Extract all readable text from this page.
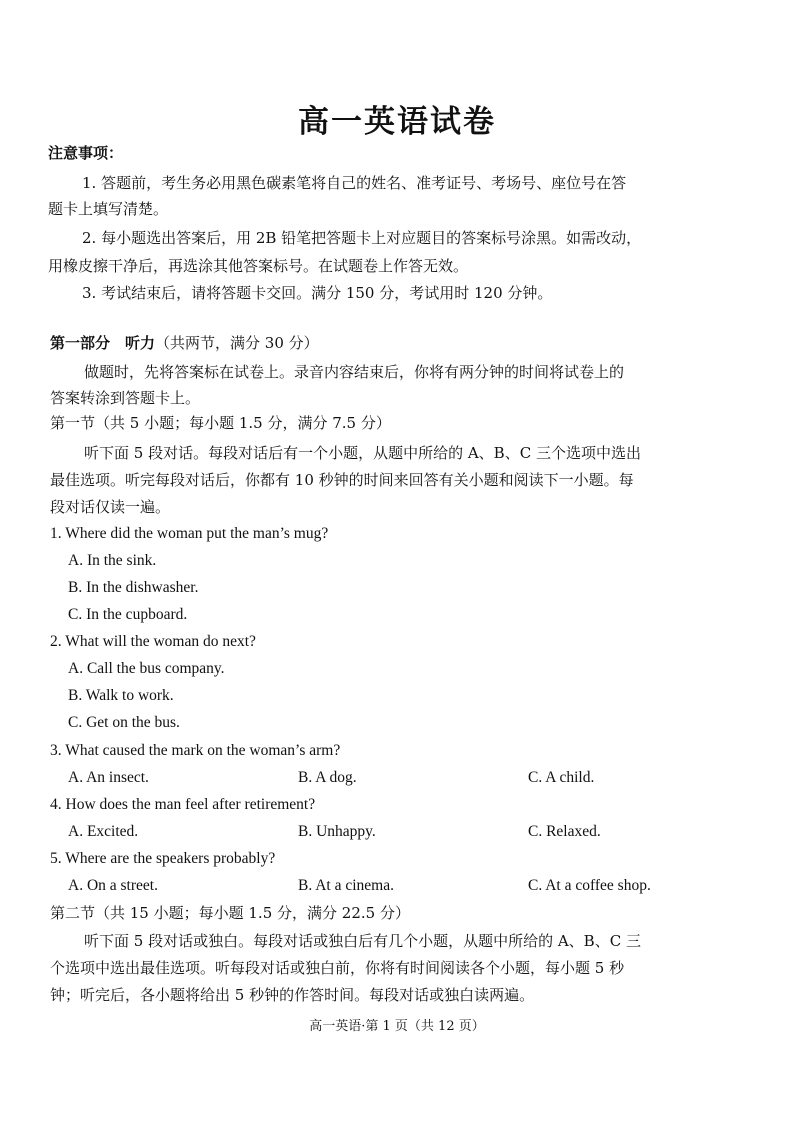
高一英语试卷
注意事项：
1. 答题前，考生务必用黑色碳素笔将自己的姓名、准考证号、考场号、座位号在答
题卡上填写清楚。
2. 每小题选出答案后，用 2B 铅笔把答题卡上对应题目的答案标号涂黑。如需改动，
用橡皮擦干净后，再选涂其他答案标号。在试题卷上作答无效。
3. 考试结束后，请将答题卡交回。满分 150 分，考试用时 120 分钟。
第一部分　听力（共两节，满分 30 分）
做题时，先将答案标在试卷上。录音内容结束后，你将有两分钟的时间将试卷上的
答案转涂到答题卡上。
第一节（共 5 小题；每小题 1.5 分，满分 7.5 分）
听下面 5 段对话。每段对话后有一个小题，从题中所给的 A、B、C 三个选项中选出
最佳选项。听完每段对话后，你都有 10 秒钟的时间来回答有关小题和阅读下一小题。每
段对话仅读一遍。
1. Where did the woman put the man’s mug?
A. In the sink.
B. In the dishwasher.
C. In the cupboard.
2. What will the woman do next?
A. Call the bus company.
B. Walk to work.
C. Get on the bus.
3. What caused the mark on the woman’s arm?
A. An insect.	B. A dog.	C. A child.
4. How does the man feel after retirement?
A. Excited.	B. Unhappy.	C. Relaxed.
5. Where are the speakers probably?
A. On a street.	B. At a cinema.	C. At a coffee shop.
第二节（共 15 小题；每小题 1.5 分，满分 22.5 分）
听下面 5 段对话或独白。每段对话或独白后有几个小题，从题中所给的 A、B、C 三
个选项中选出最佳选项。听每段对话或独白前，你将有时间阅读各个小题，每小题 5 秒
钟；听完后，各小题将给出 5 秒钟的作答时间。每段对话或独白读两遍。
高一英语·第 1 页（共 12 页）
